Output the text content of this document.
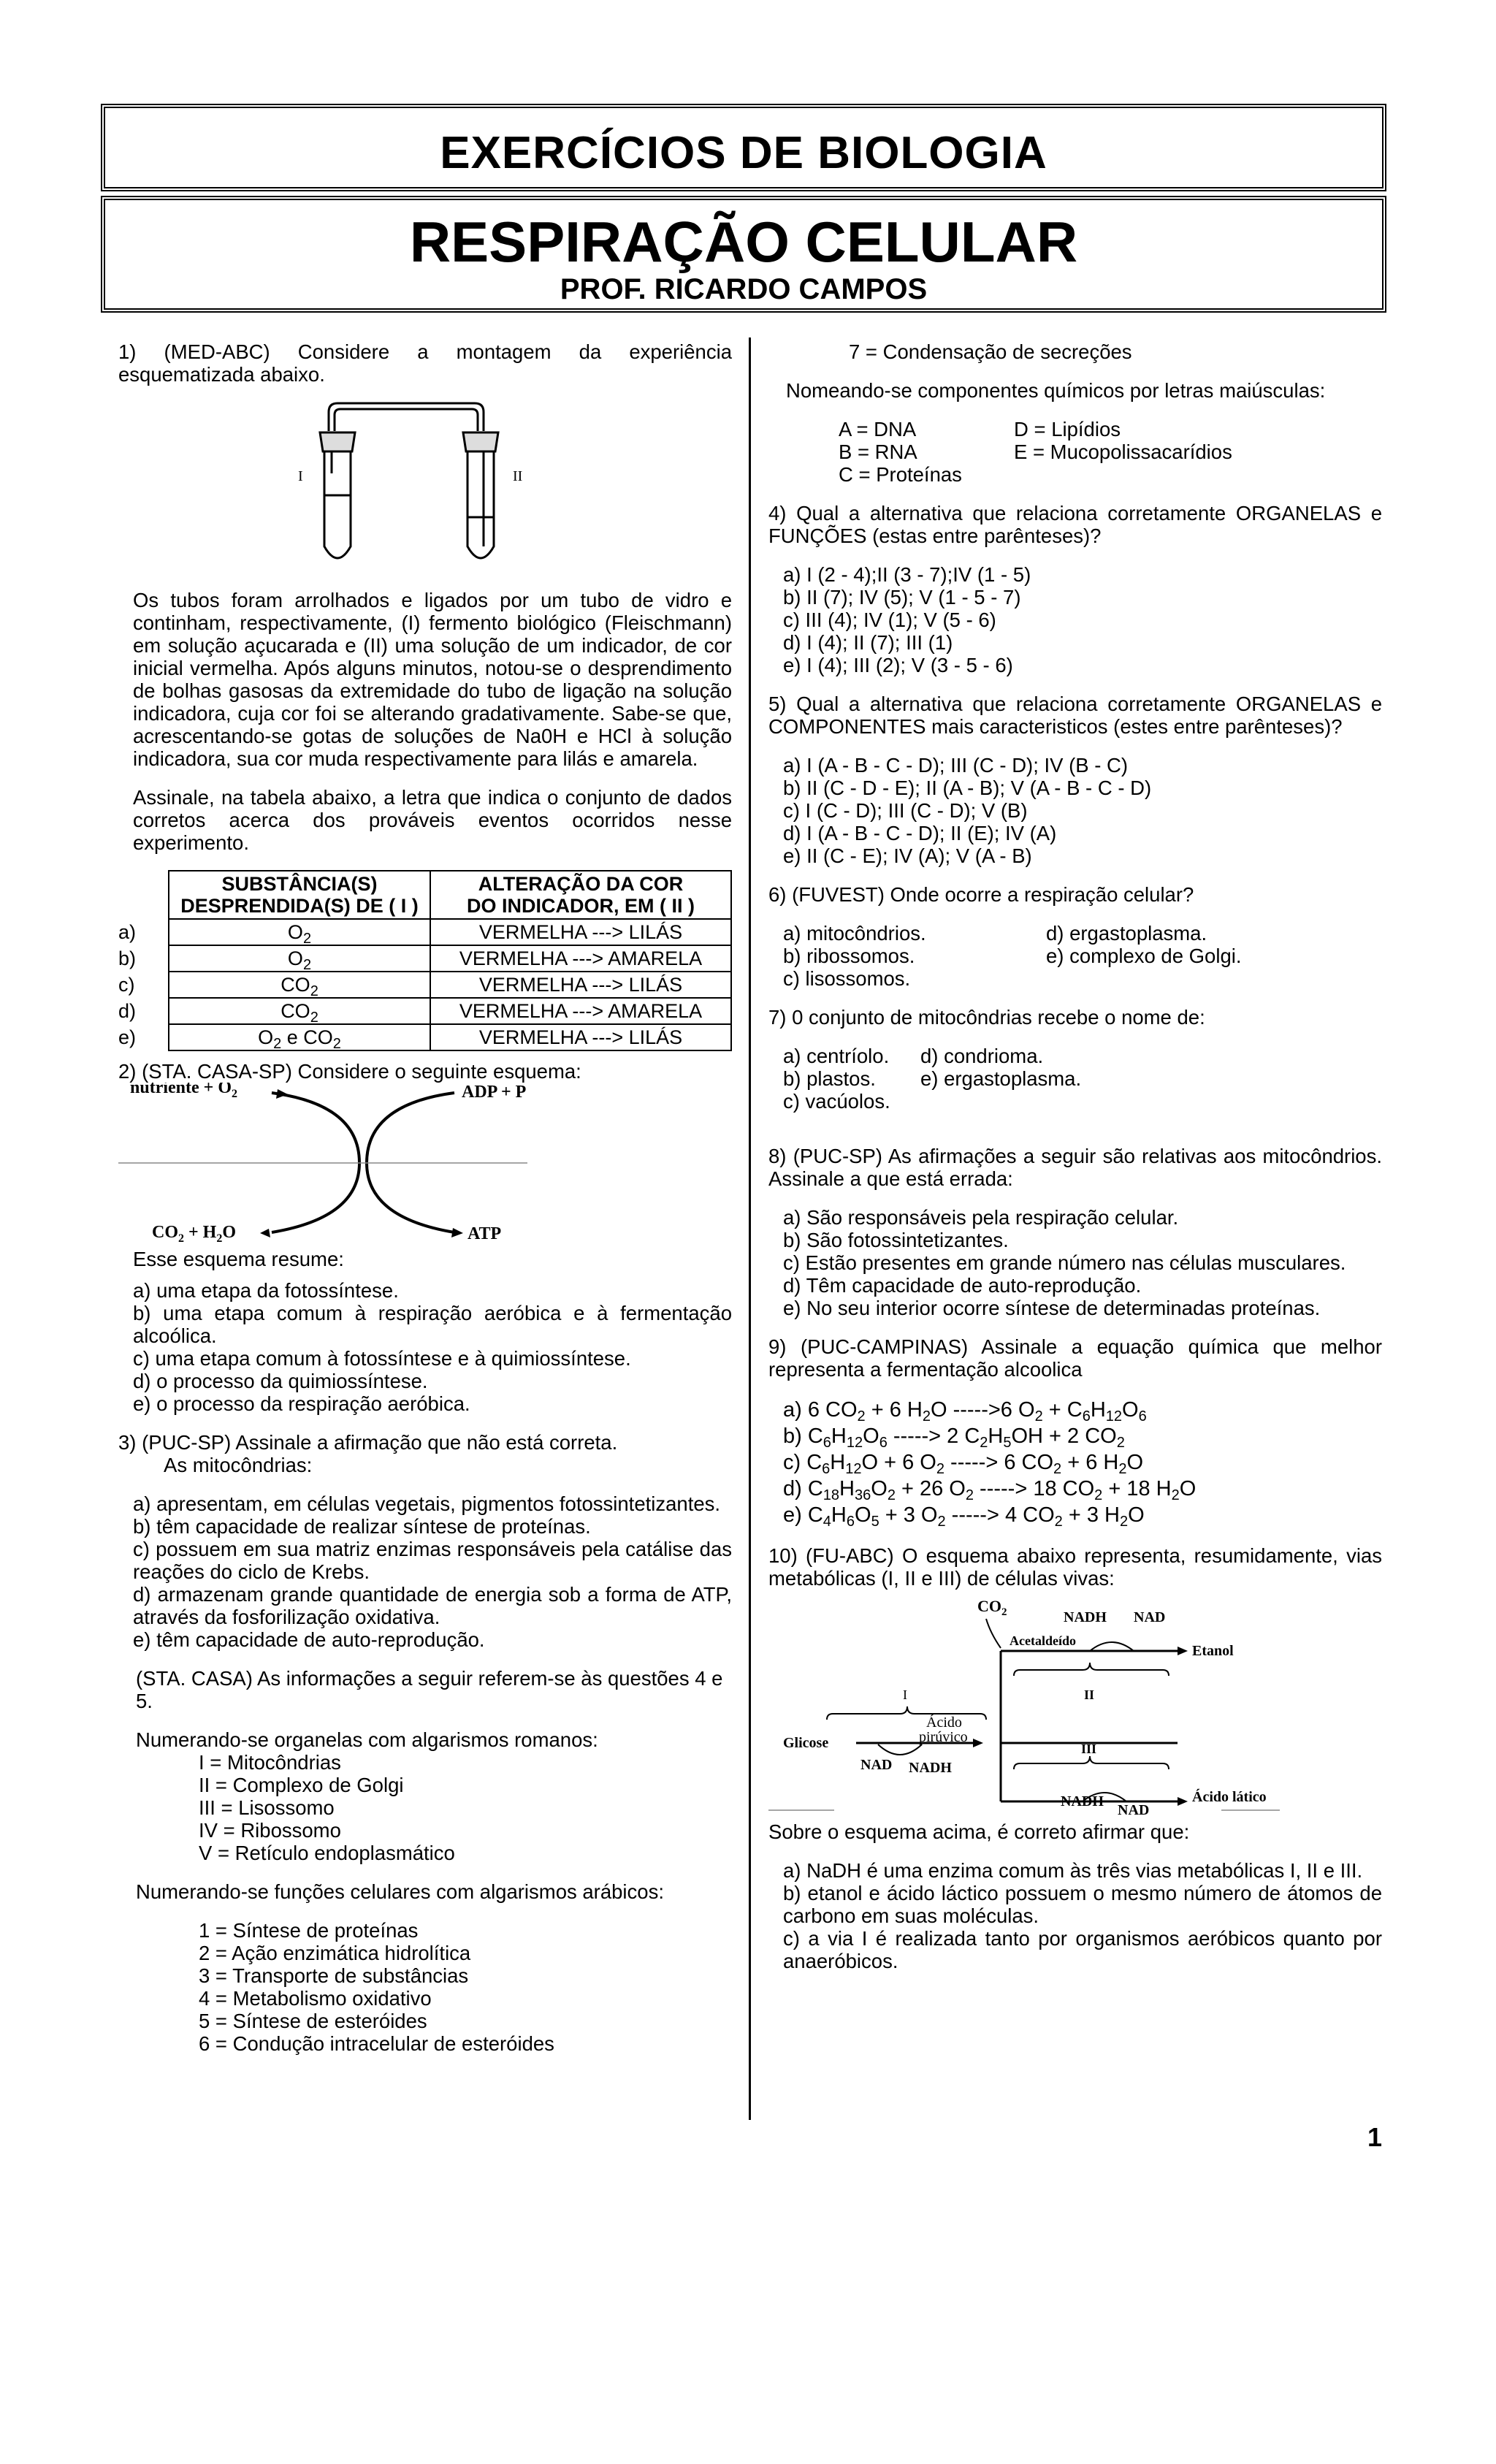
EXERCÍCIOS DE BIOLOGIA
RESPIRAÇÃO CELULAR
PROF. RICARDO CAMPOS

1) (MED-ABC) Considere a montagem da experiência esquematizada abaixo.

I	II

Os tubos foram arrolhados e ligados por um tubo de vidro e continham, respectivamente, (I) fermento biológico (Fleischmann) em solução açucarada e (II) uma solução de um indicador, de cor inicial vermelha. Após alguns minutos, notou-se o desprendimento de bolhas gasosas da extremidade do tubo de ligação na solução indicadora, cuja cor foi se alterando gradativamente. Sabe-se que, acrescentando-se gotas de soluções de Na0H e HCl à solução indicadora, sua cor muda respectivamente para lilás e amarela.

Assinale, na tabela abaixo, a letra que indica o conjunto de dados corretos acerca dos prováveis eventos ocorridos nesse experimento.

	SUBSTÂNCIA(S)
DESPRENDIDA(S) DE ( I )	ALTERAÇÃO DA COR
DO INDICADOR, EM ( II )
a)	$O_2$	VERMELHA ---> LILÁS
b)	$O_2$	VERMELHA ---> AMARELA
c)	$CO_2$	VERMELHA ---> LILÁS
d)	$CO_2$	VERMELHA ---> AMARELA
e)	$O_2$ e $CO_2$	VERMELHA ---> LILÁS

2) (STA. CASA-SP) Considere o seguinte esquema:

nutriente + $O_2$	ADP + P
$CO_2 + H_2O$	ATP

Esse esquema resume:

a) uma etapa da fotossíntese.

b) uma etapa comum à respiração aeróbica e à fermentação alcoólica.

c) uma etapa comum à fotossíntese e à quimiossíntese.

d) o processo da quimiossíntese.

e) o processo da respiração aeróbica.

3) (PUC-SP) Assinale a afirmação que não está correta.

As mitocôndrias:

a) apresentam, em células vegetais, pigmentos fotossintetizantes.

b) têm capacidade de realizar síntese de proteínas.

c) possuem em sua matriz enzimas responsáveis pela catálise das reações do ciclo de Krebs.

d) armazenam grande quantidade de energia sob a forma de ATP, através da fosforilização oxidativa.

e) têm capacidade de auto-reprodução.

(STA. CASA) As informações a seguir referem-se às questões 4 e 5.

Numerando-se organelas com algarismos romanos:

I = Mitocôndrias

II = Complexo de Golgi

III = Lisossomo

IV = Ribossomo

V = Retículo endoplasmático

Numerando-se funções celulares com algarismos arábicos:

1 = Síntese de proteínas

2 = Ação enzimática hidrolítica

3 = Transporte de substâncias

4 = Metabolismo oxidativo

5 = Síntese de esteróides

6 = Condução intracelular de esteróides

7 = Condensação de secreções

Nomeando-se componentes químicos por letras maiúsculas:

A = DNA

B = RNA

C = Proteínas

D = Lipídios

E = Mucopolissacarídios

4) Qual a alternativa que relaciona corretamente ORGANELAS e FUNÇÕES (estas entre parênteses)?

a) I (2 - 4);II (3 - 7);IV (1 - 5)

b) II (7); IV (5); V (1 - 5 - 7)

c) III (4); IV (1); V (5 - 6)

d) I (4); II (7); III (1)

e) I (4); III (2); V (3 - 5 - 6)

5) Qual a alternativa que relaciona corretamente ORGANELAS e COMPONENTES mais caracteristicos (estes entre parênteses)?

a) I (A - B - C - D); III (C - D); IV (B - C)

b) II (C - D - E); II (A - B); V (A - B - C - D)

c) I (C - D); III (C - D); V (B)

d) I (A - B - C - D); II (E); IV (A)

e) II (C - E); IV (A); V (A - B)

6) (FUVEST) Onde ocorre a respiração celular?

a) mitocôndrios.

b) ribossomos.

c) lisossomos.

d) ergastoplasma.

e) complexo de Golgi.

7) 0 conjunto de mitocôndrias recebe o nome de:

a) centríolo.

b) plastos.

c) vacúolos.

d) condrioma.

e) ergastoplasma.

8) (PUC-SP) As afirmações a seguir são relativas aos mitocôndrios. Assinale a que está errada:

a) São responsáveis pela respiração celular.

b) São fotossintetizantes.

c) Estão presentes em grande número nas células musculares.

d) Têm capacidade de auto-reprodução.

e) No seu interior ocorre síntese de determinadas proteínas.

9) (PUC-CAMPINAS) Assinale a equação química que melhor representa a fermentação alcoolica

a) 6 $CO_2 + 6$ $H_2O$ ----->6 $O_2 + C_6H_{12}O_6$

b) $C_6H_{12}O_6$ -----> 2 $C_2H_5OH + 2$ $CO_2$

c) $C_6H_{12}O + 6$ $O_2$ -----> 6 $CO_2 + 6$ $H_2O$

d) $C_{18}H_{36}O_2 + 26$ $O_2$ -----> 18 $CO_2 + 18$ $H_2O$

e) $C_4H_6O_5 + 3$ $O_2$ -----> 4 $CO_2 + 3$ $H_2O$

10) (FU-ABC) O esquema abaixo representa, resumidamente, vias metabólicas (I, II e III) de células vivas:

$CO_2$	NADH NAD
Acetaldeído
Etanol
I	II
III
Glicose
Ácido
pirúvico
NAD NADH
Ácido lático
NADH
NAD

Sobre o esquema acima, é correto afirmar que:

a) NaDH é uma enzima comum às três vias metabólicas I, II e III.

b) etanol e ácido láctico possuem o mesmo número de átomos de carbono em suas moléculas.

c) a via I é realizada tanto por organismos aeróbicos quanto por anaeróbicos.

1
